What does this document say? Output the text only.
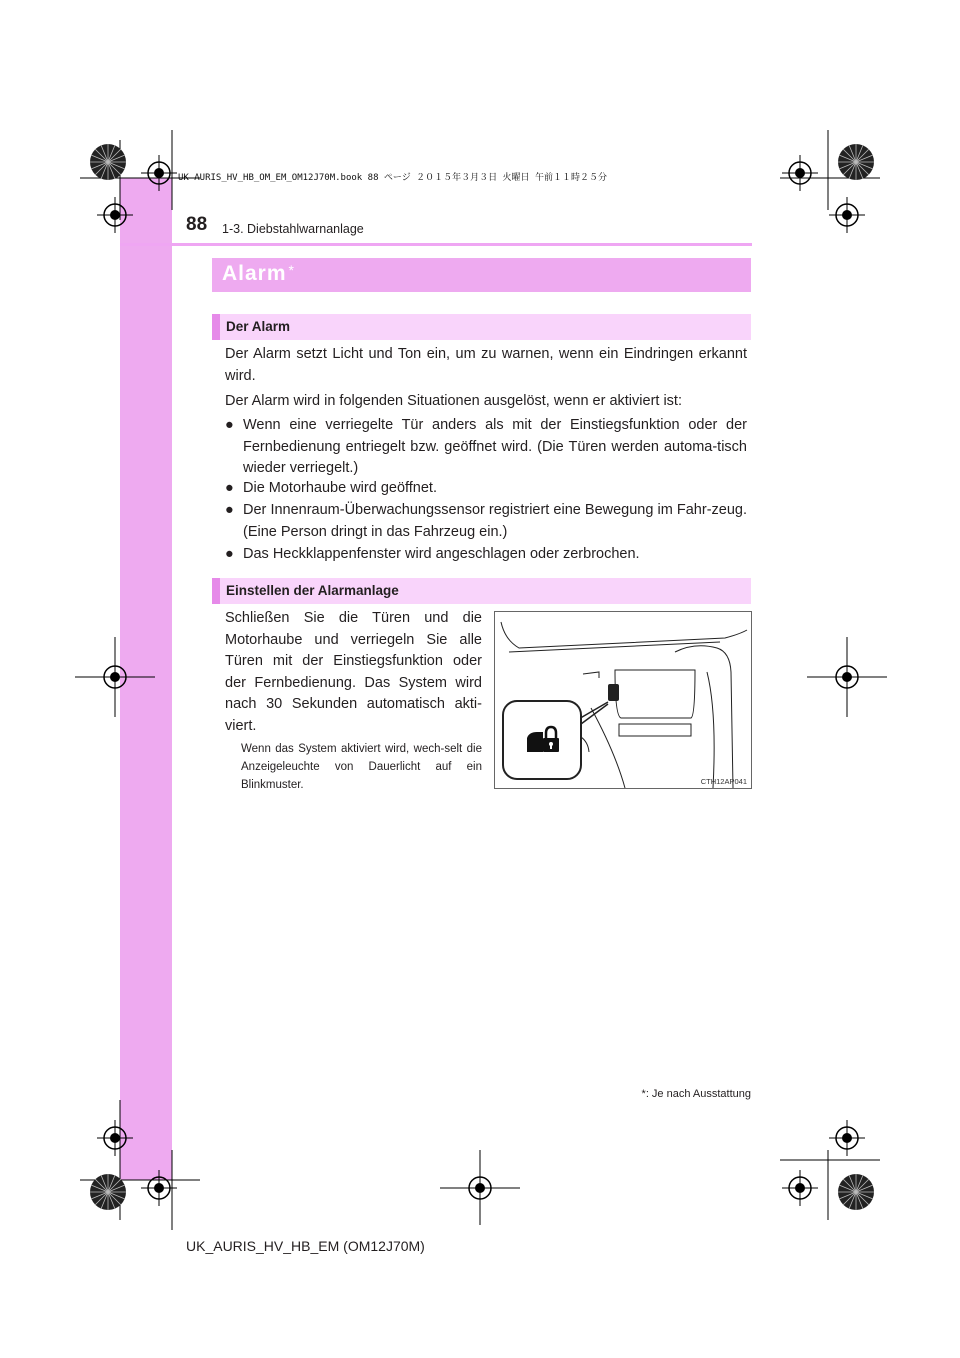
UK AURIS_HV_HB_OM_EM_OM12J70M.book 88 ページ ２０１５年３月３日 火曜日 午前１１時２５分
88 1-3. Diebstahlwarnanlage
Alarm *
Der Alarm
Der Alarm setzt Licht und Ton ein, um zu warnen, wenn ein Eindringen erkannt wird.
Der Alarm wird in folgenden Situationen ausgelöst, wenn er aktiviert ist:
● Wenn eine verriegelte Tür anders als mit der Einstiegsfunktion oder der Fernbedienung entriegelt bzw. geöffnet wird. (Die Türen werden automa-tisch wieder verriegelt.)
● Die Motorhaube wird geöffnet.
● Der Innenraum-Überwachungssensor registriert eine Bewegung im Fahr-zeug. (Eine Person dringt in das Fahrzeug ein.)
● Das Heckklappenfenster wird angeschlagen oder zerbrochen.
Einstellen der Alarmanlage
Schließen Sie die Türen und die Motorhaube und verriegeln Sie alle Türen mit der Einstiegsfunktion oder der Fernbedienung. Das System wird nach 30 Sekunden automatisch akti-viert.
Wenn das System aktiviert wird, wech-selt die Anzeigeleuchte von Dauerlicht auf ein Blinkmuster.	CTH12AP041
*: Je nach Ausstattung
UK_AURIS_HV_HB_EM (OM12J70M)
